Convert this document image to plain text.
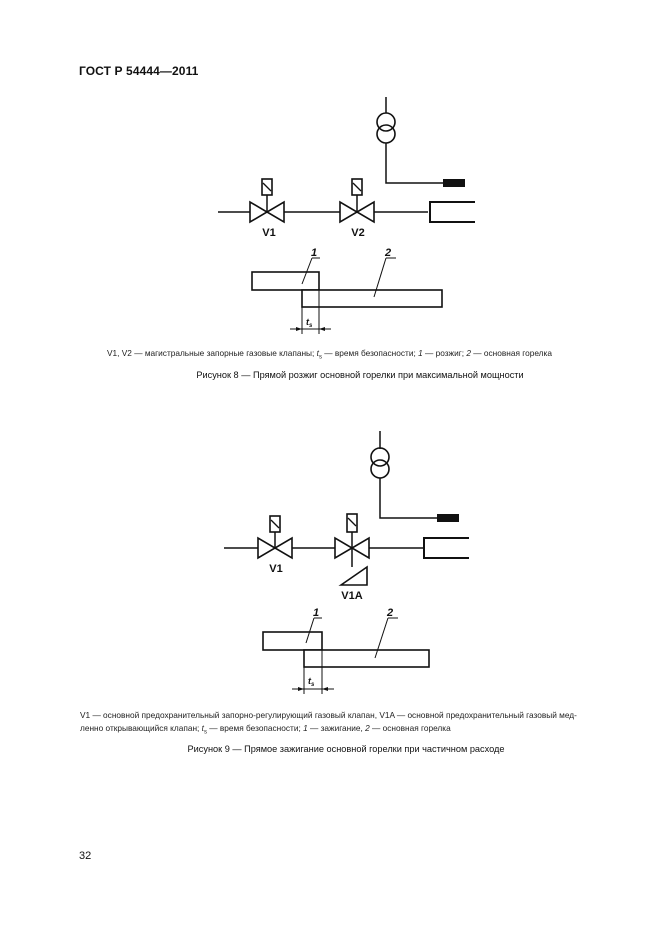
ГОСТ Р 54444—2011
V1	V2
1	2
$t_s$
V1, V2 — магистральные запорные газовые клапаны; $t_s$ — время безопасности; 1 — розжиг; 2 — основная горелка
Рисунок 8 — Прямой розжиг основной горелки при максимальной мощности
V1
V1A
1	2
$t_s$
V1 — основной предохранительный запорно-регулирующий газовый клапан, V1A — основной предохранительный газовый мед-
ленно открывающийся клапан; $t_s$ — время безопасности; 1 — зажигание, 2 — основная горелка
Рисунок 9 — Прямое зажигание основной горелки при частичном расходе
32
